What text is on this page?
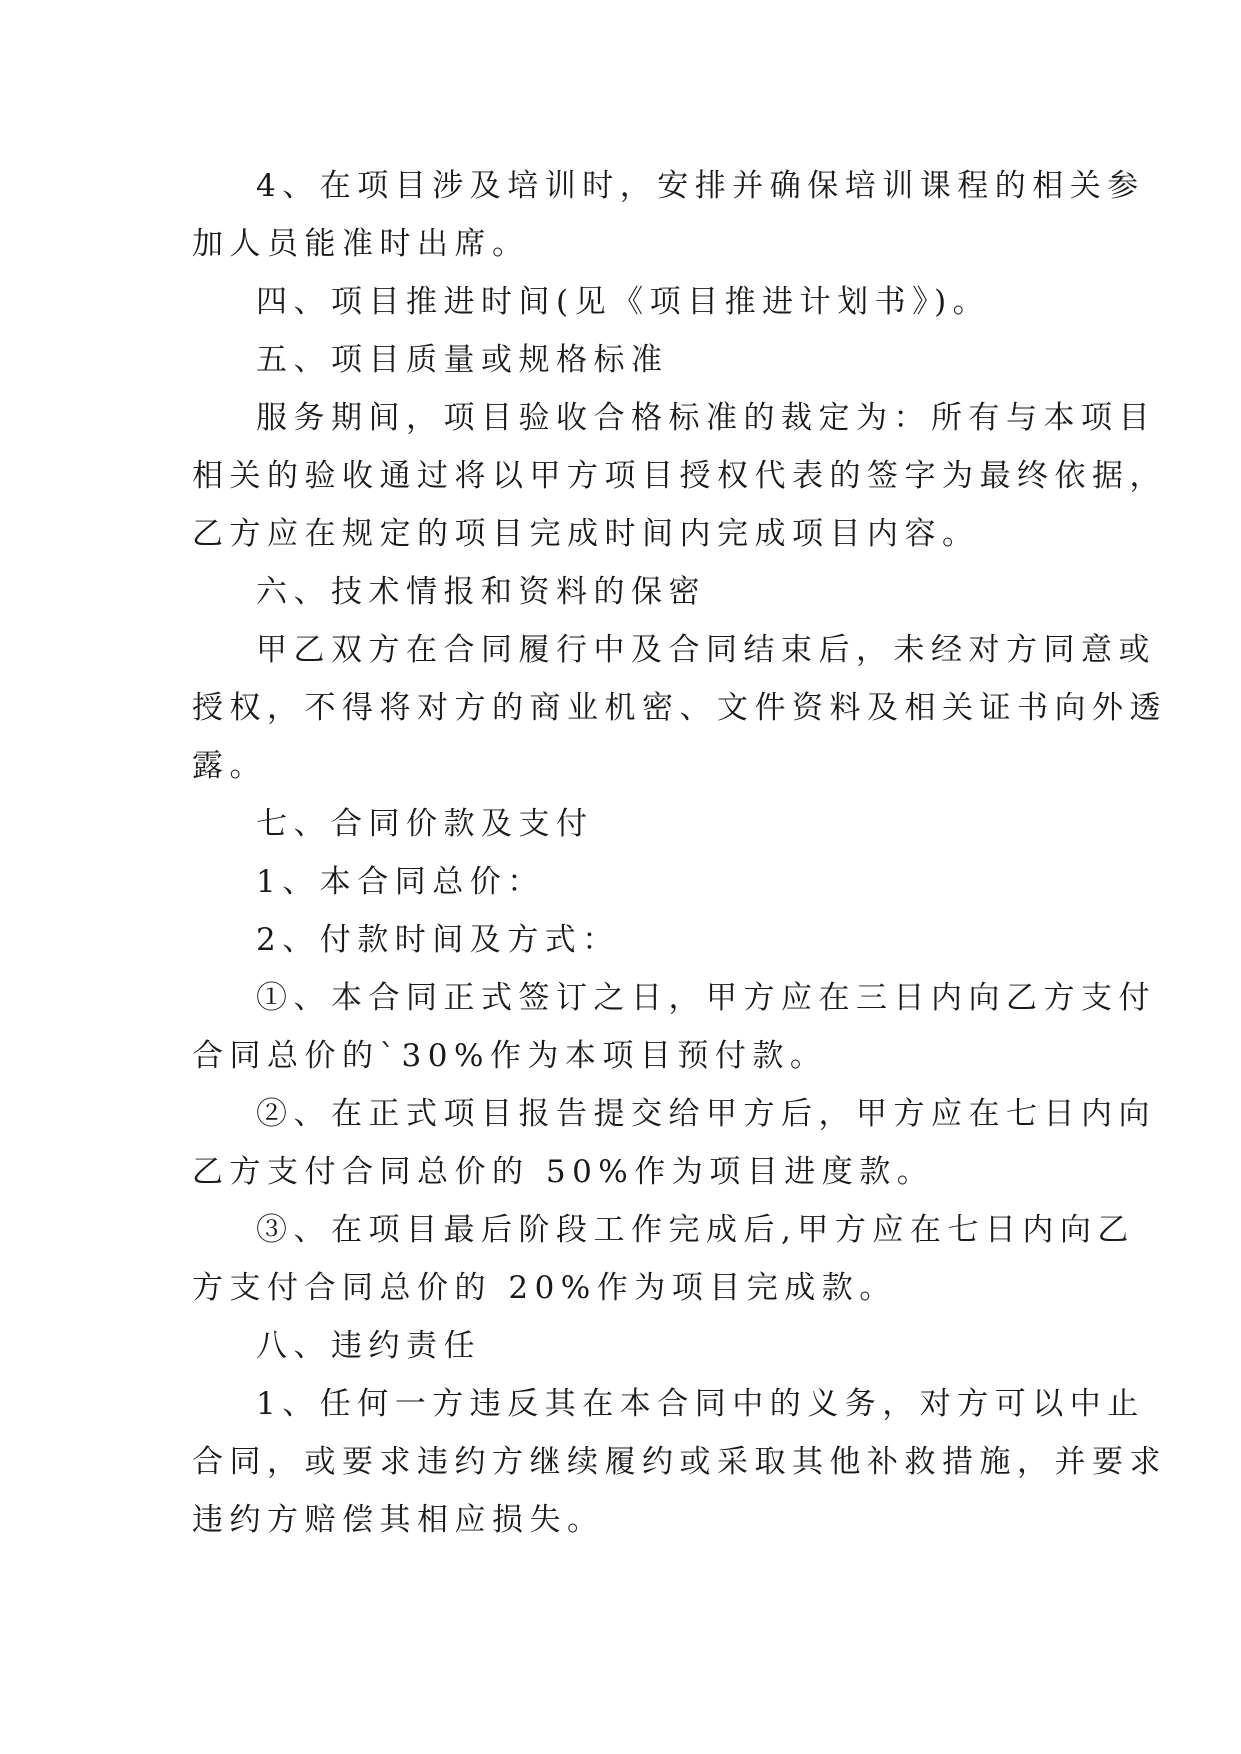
4、在项目涉及培训时，安排并确保培训课程的相关参
加人员能准时出席。
四、项目推进时间(见《项目推进计划书》)。
五、项目质量或规格标准
服务期间，项目验收合格标准的裁定为：所有与本项目
相关的验收通过将以甲方项目授权代表的签字为最终依据，
乙方应在规定的项目完成时间内完成项目内容。
六、技术情报和资料的保密
甲乙双方在合同履行中及合同结束后，未经对方同意或
授权，不得将对方的商业机密、文件资料及相关证书向外透
露。
七、合同价款及支付
1、本合同总价：
2、付款时间及方式：
①、本合同正式签订之日，甲方应在三日内向乙方支付
合同总价的`30%作为本项目预付款。
②、在正式项目报告提交给甲方后，甲方应在七日内向
乙方支付合同总价的 50%作为项目进度款。
③、在项目最后阶段工作完成后,甲方应在七日内向乙
方支付合同总价的 20%作为项目完成款。
八、违约责任
1、任何一方违反其在本合同中的义务，对方可以中止
合同，或要求违约方继续履约或采取其他补救措施，并要求
违约方赔偿其相应损失。
